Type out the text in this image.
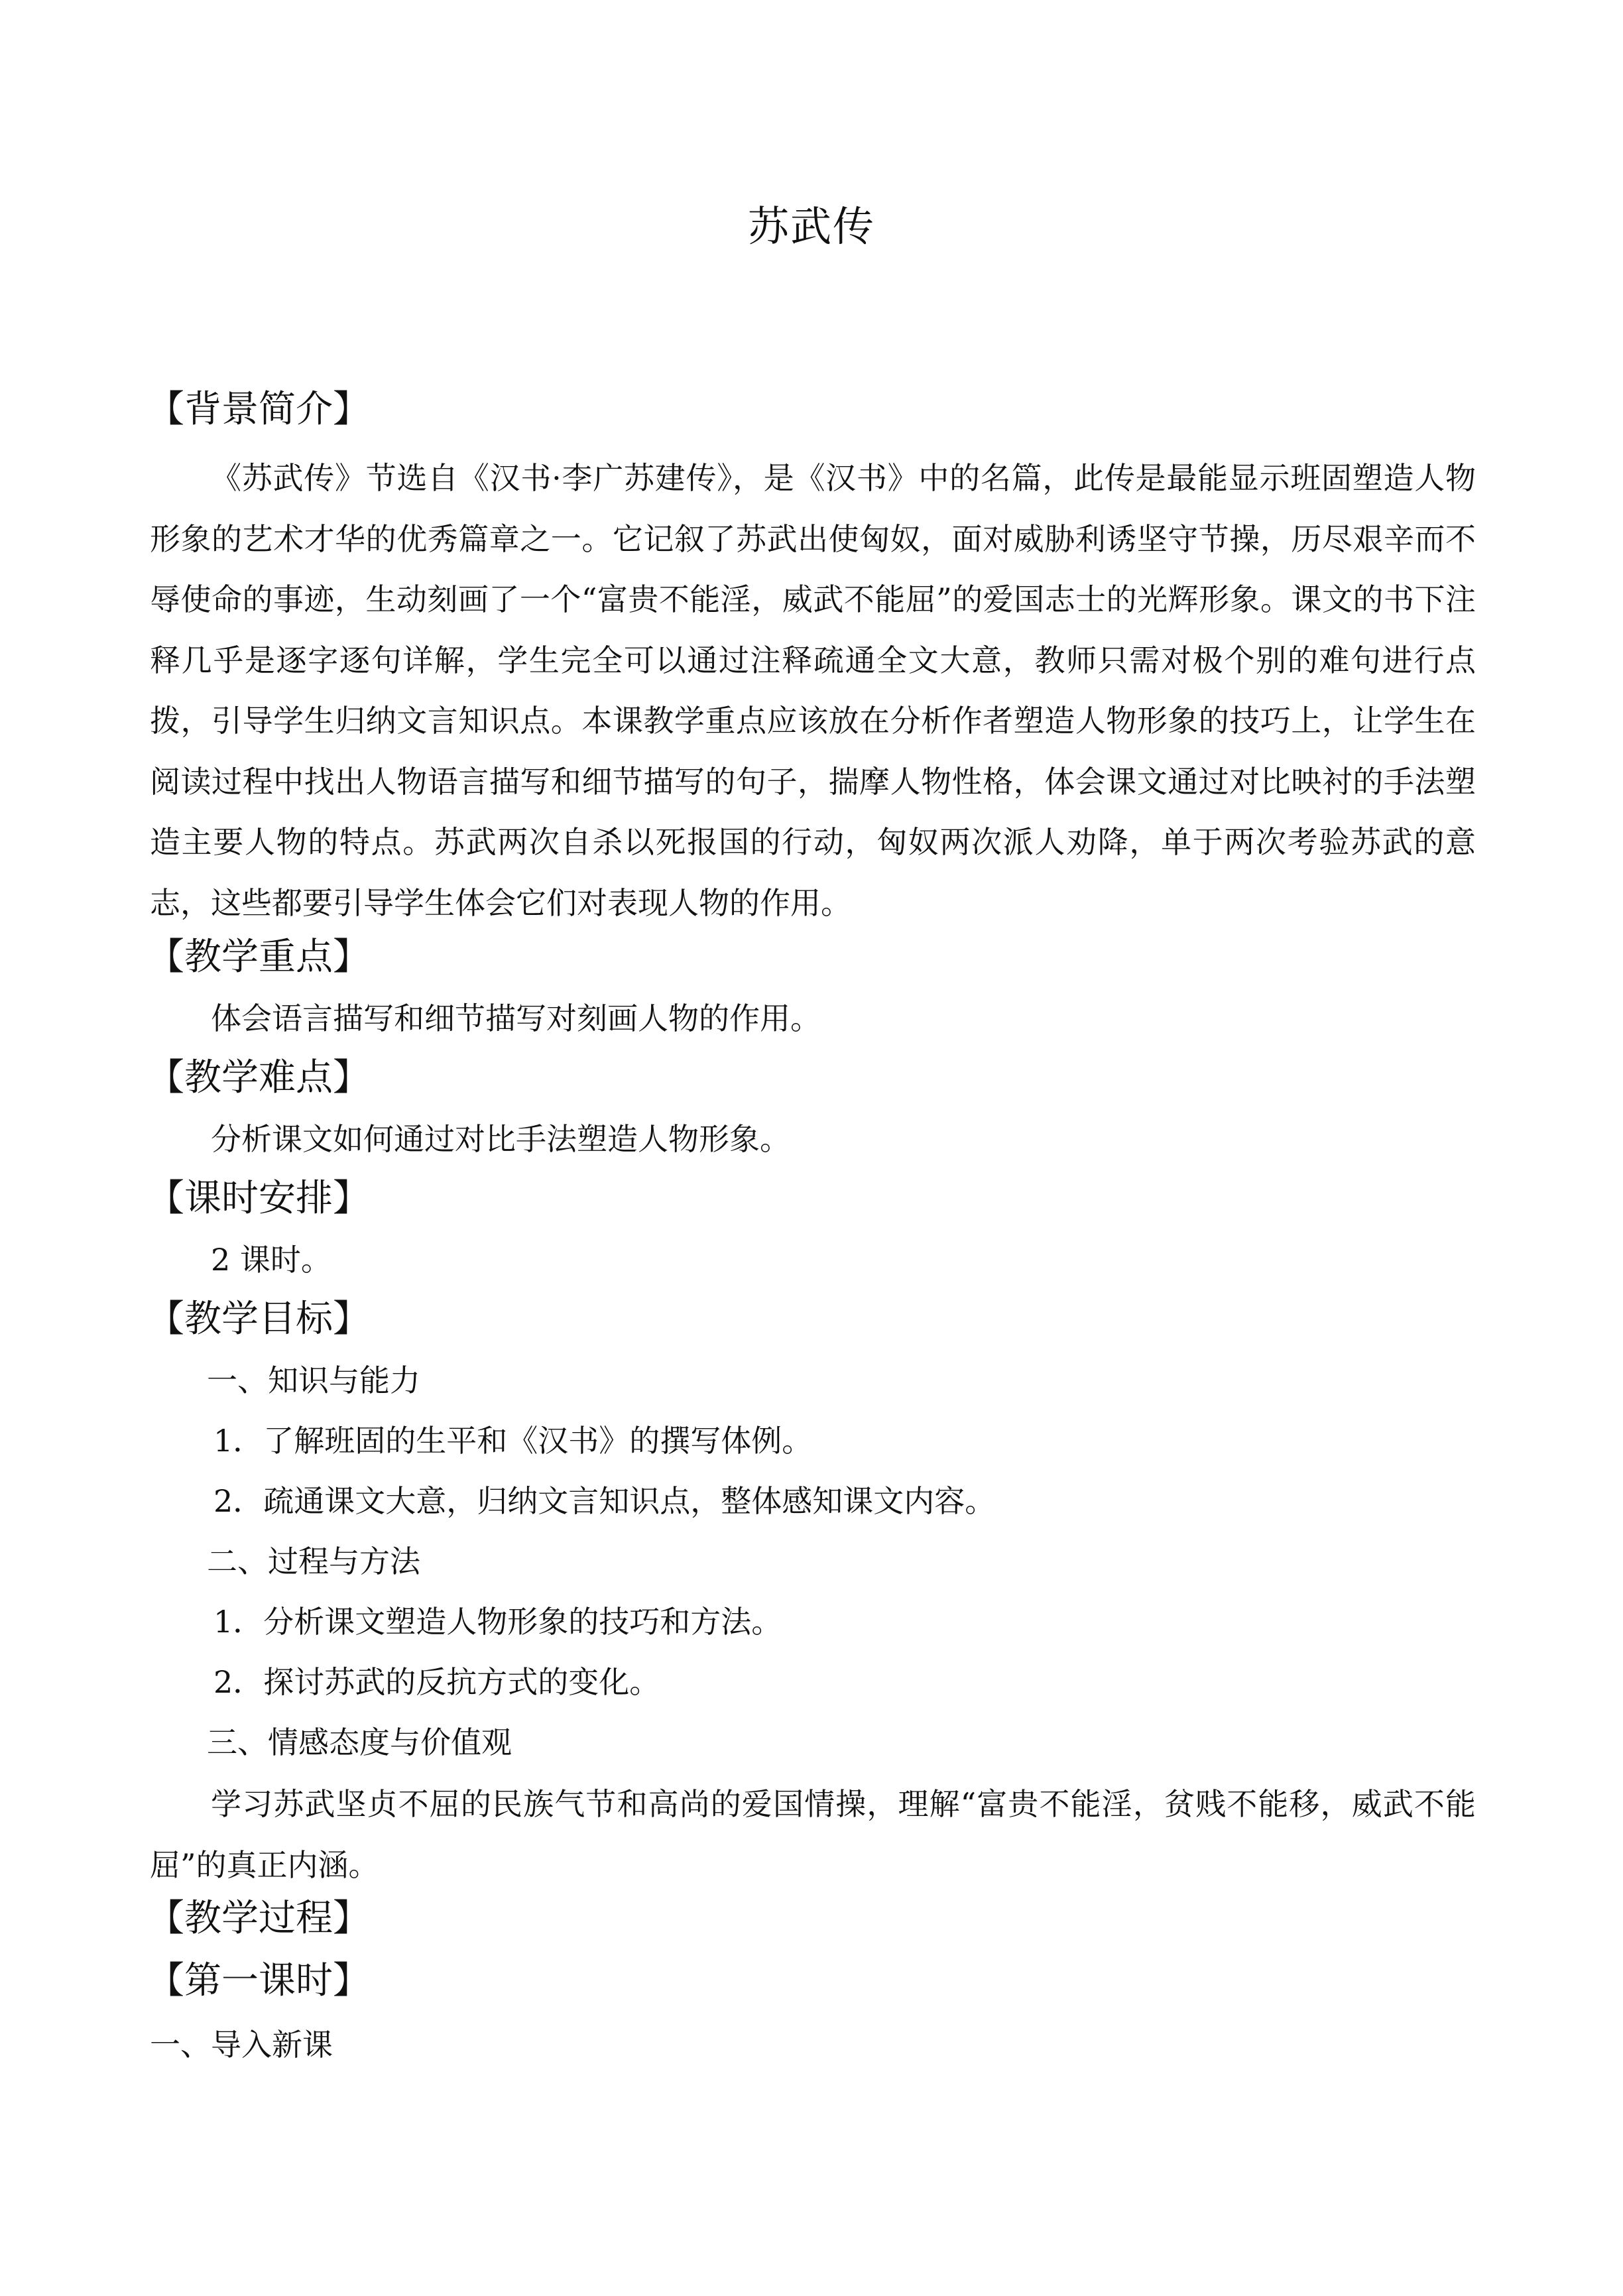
苏武传
【背景简介】
《苏武传》节选自《汉书·李广苏建传》，是《汉书》中的名篇，此传是最能显示班固塑造人物形象的艺术才华的优秀篇章之一。它记叙了苏武出使匈奴，面对威胁利诱坚守节操，历尽艰辛而不辱使命的事迹，生动刻画了一个“富贵不能淫，威武不能屈”的爱国志士的光辉形象。课文的书下注释几乎是逐字逐句详解，学生完全可以通过注释疏通全文大意，教师只需对极个别的难句进行点拨，引导学生归纳文言知识点。本课教学重点应该放在分析作者塑造人物形象的技巧上，让学生在阅读过程中找出人物语言描写和细节描写的句子，揣摩人物性格，体会课文通过对比映衬的手法塑造主要人物的特点。苏武两次自杀以死报国的行动，匈奴两次派人劝降，单于两次考验苏武的意志，这些都要引导学生体会它们对表现人物的作用。
【教学重点】
体会语言描写和细节描写对刻画人物的作用。
【教学难点】
分析课文如何通过对比手法塑造人物形象。
【课时安排】
2 课时。
【教学目标】
一、知识与能力
1．了解班固的生平和《汉书》的撰写体例。
2．疏通课文大意，归纳文言知识点，整体感知课文内容。
二、过程与方法
1．分析课文塑造人物形象的技巧和方法。
2．探讨苏武的反抗方式的变化。
三、情感态度与价值观
学习苏武坚贞不屈的民族气节和高尚的爱国情操，理解“富贵不能淫，贫贱不能移，威武不能屈”的真正内涵。
【教学过程】
【第一课时】
一、导入新课
